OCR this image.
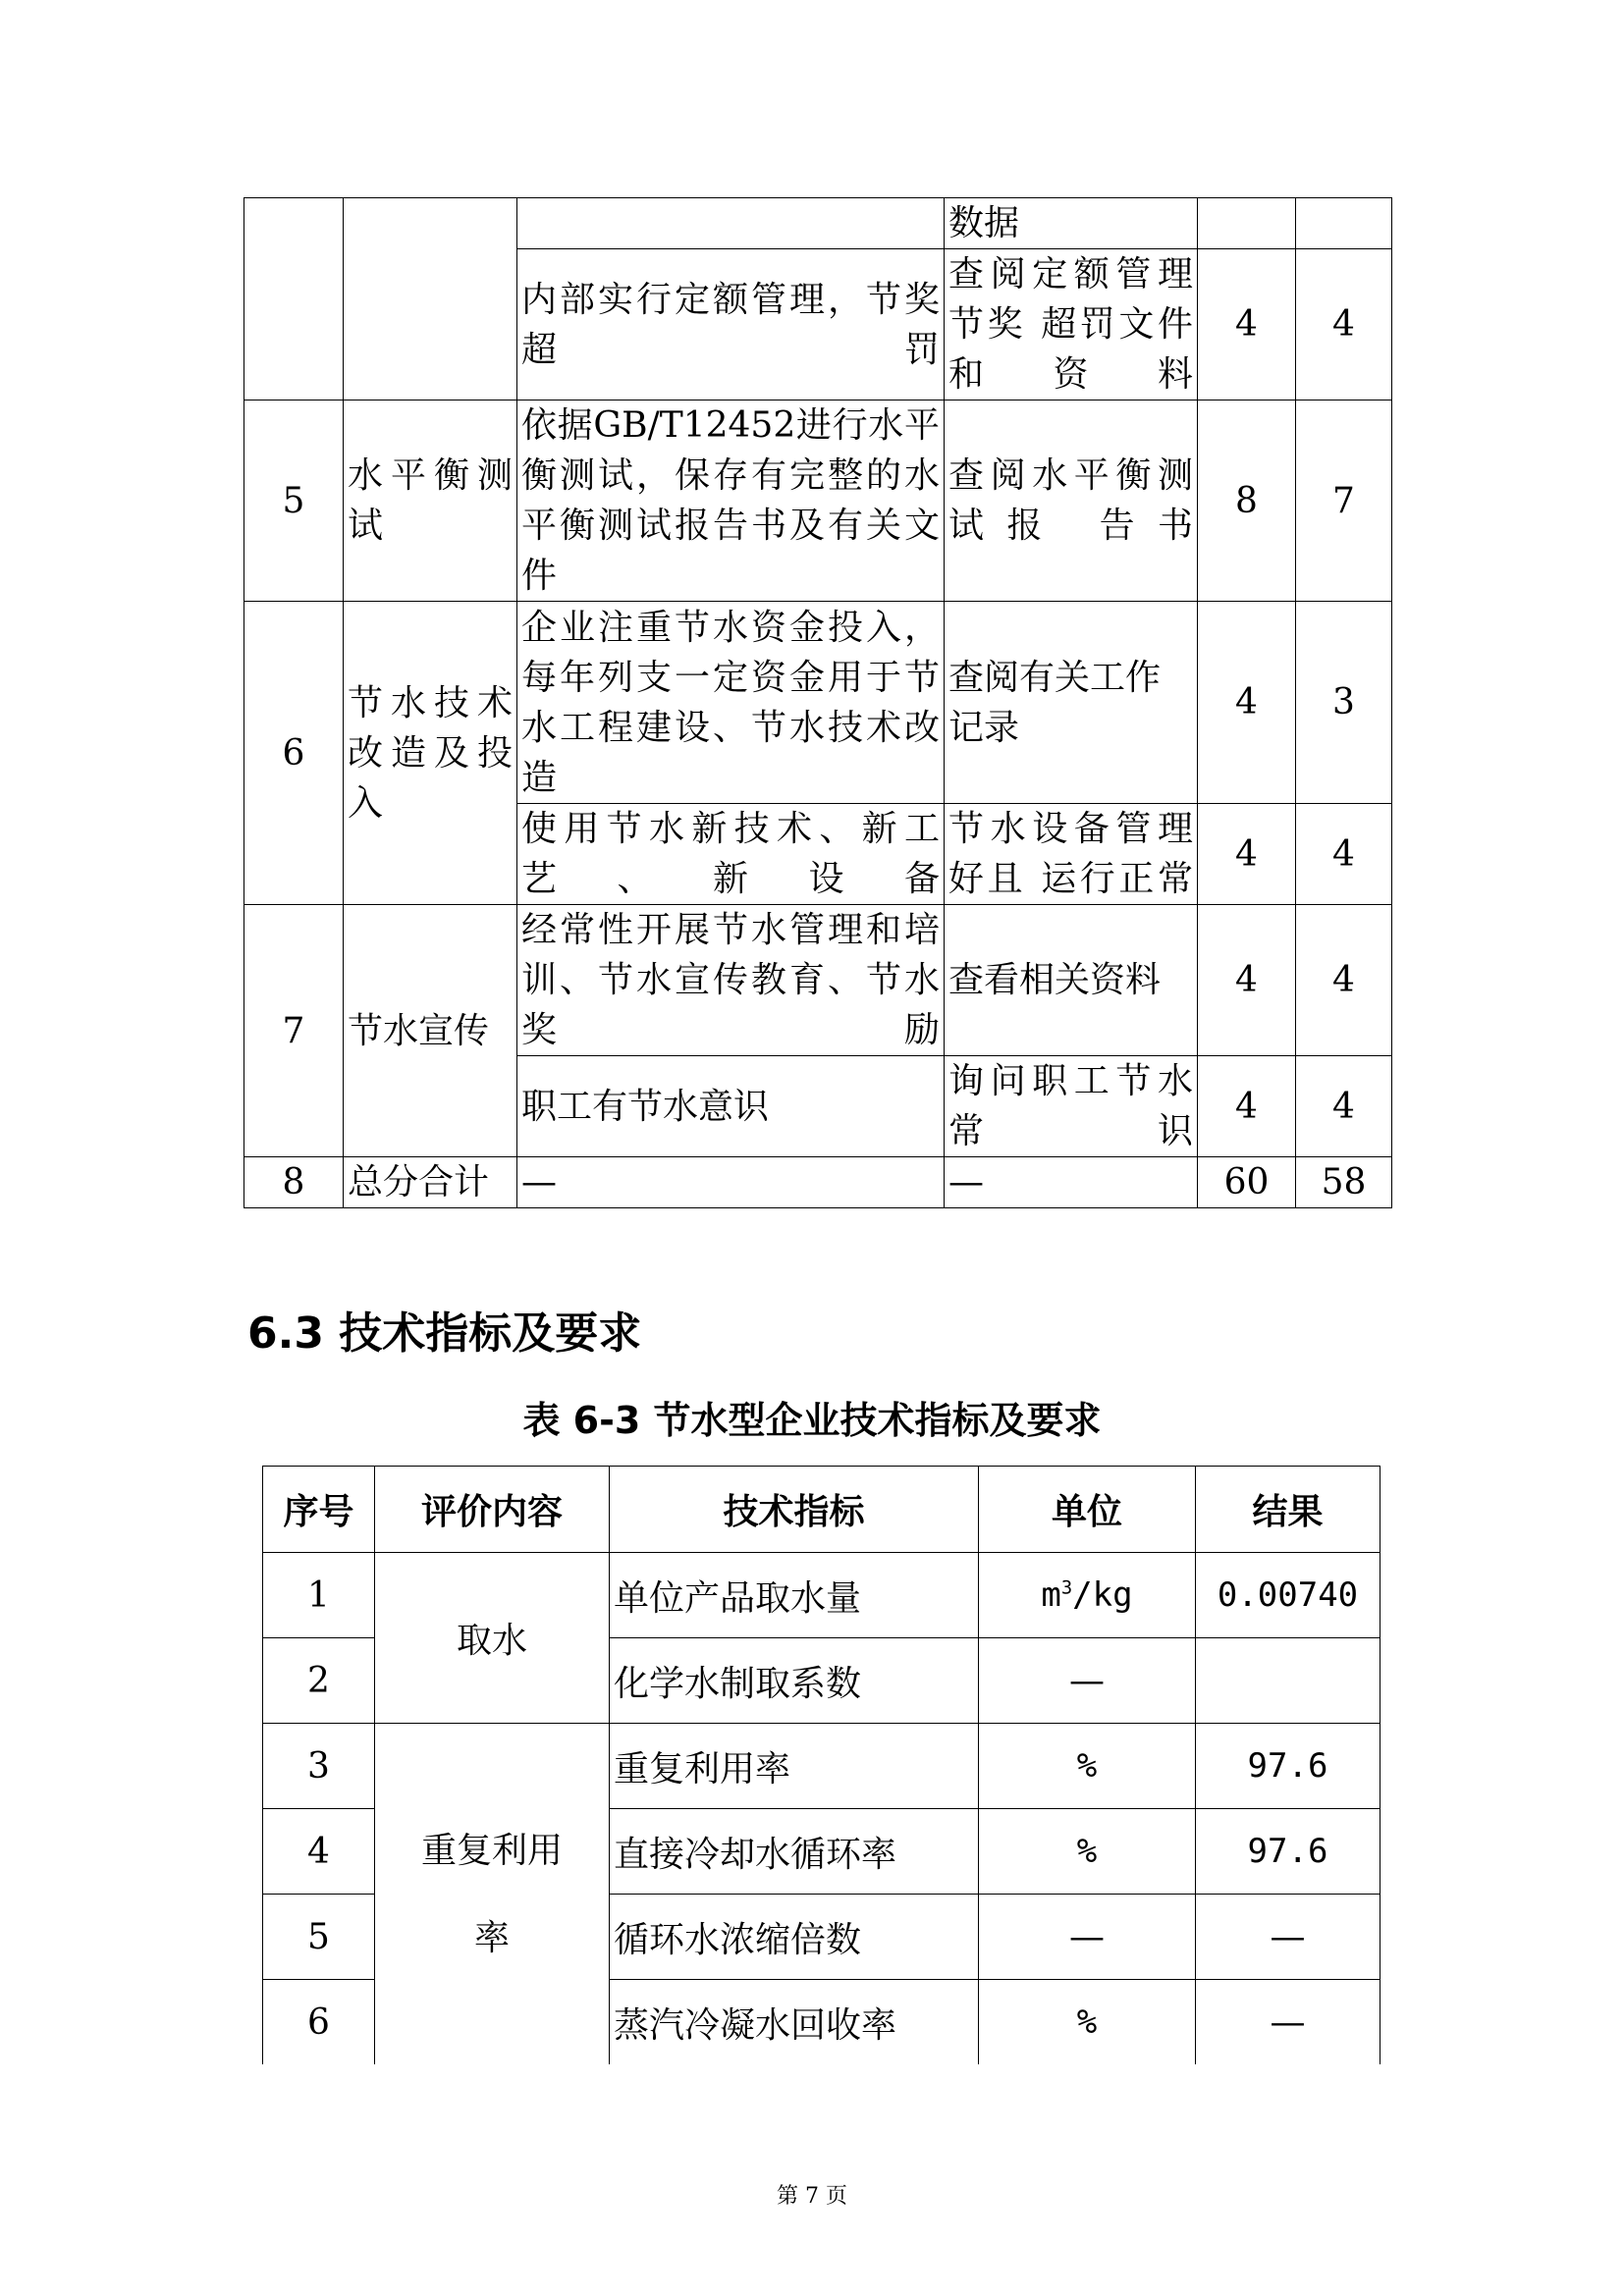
			数据		
		内部实行定额管理，节奖超罚	查阅定额管理节奖 超罚文件和资料	4	4
5	水平衡测试	依据GB/T12452进行水平衡测试，保存有完整的水平衡测试报告书及有关文件	查阅水平衡测试报 告书	8	7
6	节水技术改造及投入	企业注重节水资金投入，每年列支一定资金用于节水工程建设、节水技术改造	查阅有关工作记录	4	3
		使用节水新技术、新工艺、新设备	节水设备管理好且 运行正常	4	4
7	节水宣传	经常性开展节水管理和培训、节水宣传教育、节水奖励	查看相关资料	4	4
		职工有节水意识	询问职工节水常识	4	4
8	总分合计	—	—	60	58
6.3 技术指标及要求
表 6-3 节水型企业技术指标及要求
序号	评价内容	技术指标	单位	结果
1	取水	单位产品取水量	$m^3/kg$	0.00740
2		化学水制取系数	—	
3	重复利用率	重复利用率	%	97.6
4		直接冷却水循环率	%	97.6
5		循环水浓缩倍数	—	—
6		蒸汽冷凝水回收率	%	—
第 7 页
